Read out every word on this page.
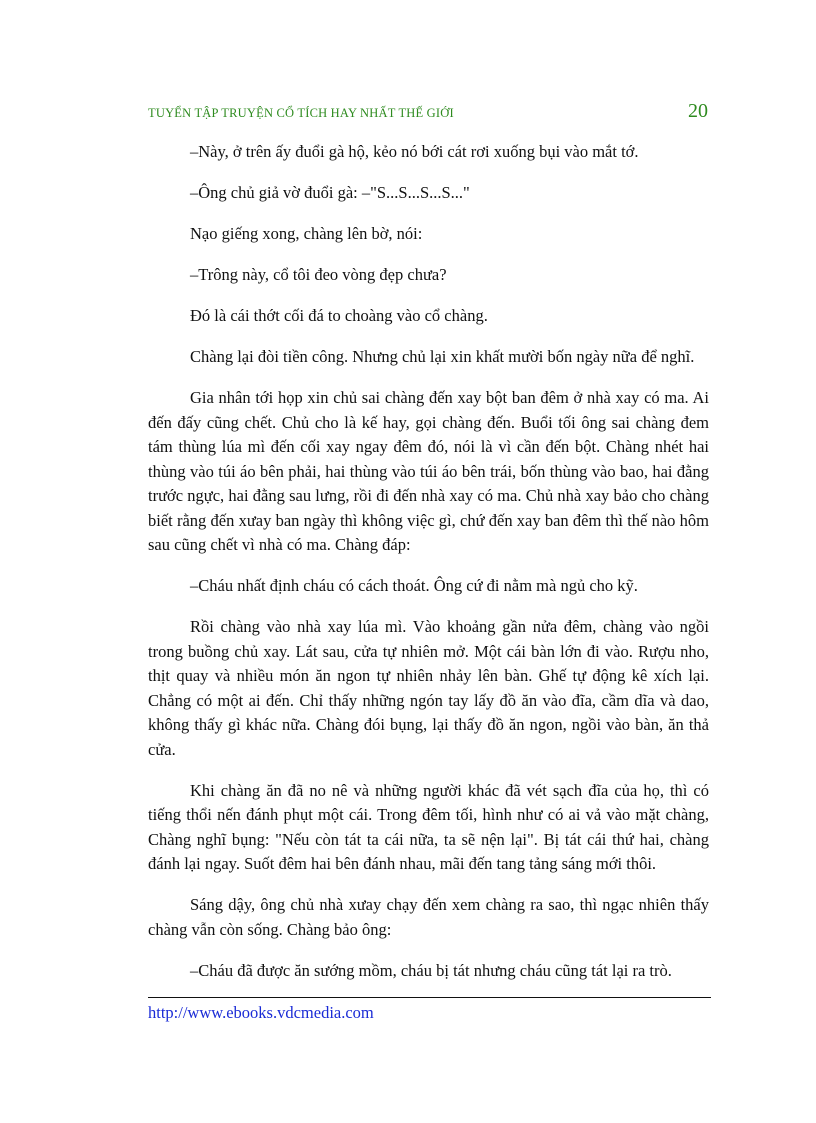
TUYỂN TẬP TRUYỆN CỔ TÍCH HAY NHẤT THẾ GIỚI	20

–Này, ở trên ấy đuổi gà hộ, kẻo nó bới cát rơi xuống bụi vào mắt tớ.

–Ông chủ giả vờ đuổi gà: –"S...S...S...S..."

Nạo giếng xong, chàng lên bờ, nói:

–Trông này, cổ tôi đeo vòng đẹp chưa?

Đó là cái thớt cối đá to choàng vào cổ chàng.

Chàng lại đòi tiền công. Nhưng chủ lại xin khất mười bốn ngày nữa để nghĩ.

Gia nhân tới họp xin chủ sai chàng đến xay bột ban đêm ở nhà xay có ma. Ai đến đấy cũng chết. Chủ cho là kế hay, gọi chàng đến. Buổi tối ông sai chàng đem tám thùng lúa mì đến cối xay ngay đêm đó, nói là vì cần đến bột. Chàng nhét hai thùng vào túi áo bên phải, hai thùng vào túi áo bên trái, bốn thùng vào bao, hai đằng trước ngực, hai đằng sau lưng, rồi đi đến nhà xay có ma. Chủ nhà xay bảo cho chàng biết rằng đến xưay ban ngày thì không việc gì, chứ đến xay ban đêm thì thế nào hôm sau cũng chết vì nhà có ma. Chàng đáp:

–Cháu nhất định cháu có cách thoát. Ông cứ đi nằm mà ngủ cho kỹ.

Rồi chàng vào nhà xay lúa mì. Vào khoảng gần nửa đêm, chàng vào ngồi trong buồng chủ xay. Lát sau, cửa tự nhiên mở. Một cái bàn lớn đi vào. Rượu nho, thịt quay và nhiều món ăn ngon tự nhiên nhảy lên bàn. Ghế tự động kê xích lại. Chẳng có một ai đến. Chỉ thấy những ngón tay lấy đồ ăn vào đĩa, cầm dĩa và dao, không thấy gì khác nữa. Chàng đói bụng, lại thấy đồ ăn ngon, ngồi vào bàn, ăn thả cửa.

Khi chàng ăn đã no nê và những người khác đã vét sạch đĩa của họ, thì có tiếng thổi nến đánh phụt một cái. Trong đêm tối, hình như có ai vả vào mặt chàng, Chàng nghĩ bụng: "Nếu còn tát ta cái nữa, ta sẽ nện lại". Bị tát cái thứ hai, chàng đánh lại ngay. Suốt đêm hai bên đánh nhau, mãi đến tang tảng sáng mới thôi.

Sáng dậy, ông chủ nhà xưay chạy đến xem chàng ra sao, thì ngạc nhiên thấy chàng vẫn còn sống. Chàng bảo ông:

–Cháu đã được ăn sướng mồm, cháu bị tát nhưng cháu cũng tát lại ra trò.

http://www.ebooks.vdcmedia.com
